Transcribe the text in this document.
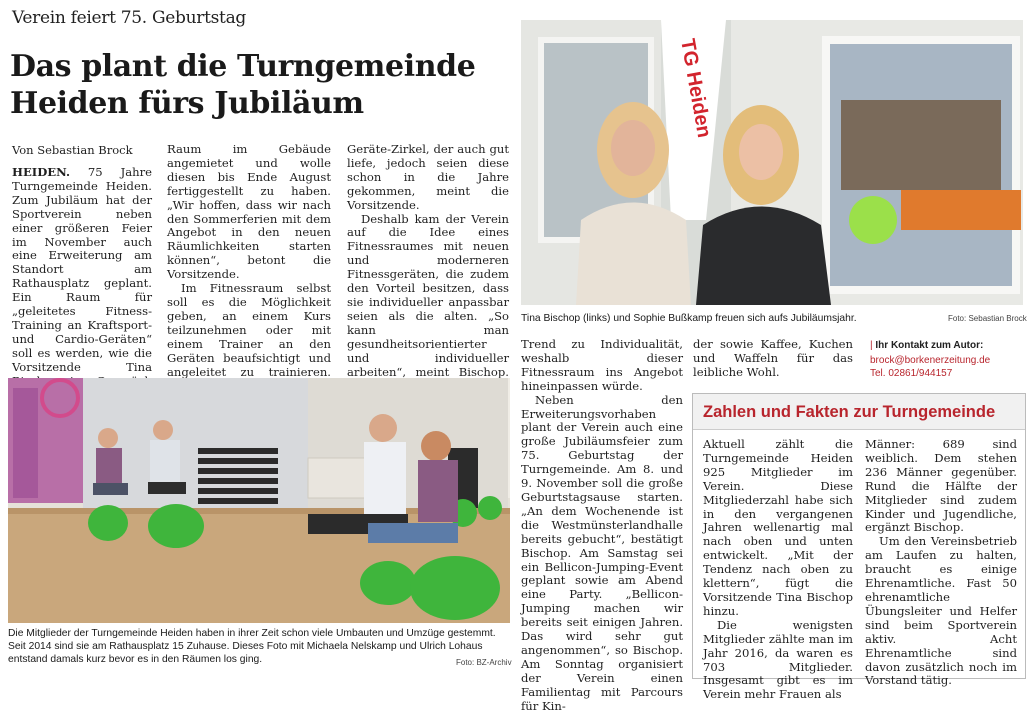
Verein feiert 75. Geburtstag
Das plant die Turngemeinde Heiden fürs Jubiläum
Von Sebastian Brock

HEIDEN. 75 Jahre Turngemeinde Heiden. Zum Jubiläum hat der Sportverein neben einer größeren Feier im November auch eine Erweiterung am Standort am Rathausplatz geplant. Ein Raum für „geleitetes Fitness-Training an Kraftsport- und Cardio-Geräten“ soll es werden, wie die Vorsitzende Tina

Raum im Gebäude angemietet und wolle diesen bis Ende August fertiggestellt zu haben. „Wir hoffen, dass wir nach den Sommerferien mit dem Angebot in den neuen Räumlichkeiten starten können“, betont die Vorsitzende.

Im Fitnessraum selbst soll es die Möglichkeit geben, an einem Kurs teilzunehmen oder mit einem Trainer an den Geräten beaufsichtigt und angeleitet zu trainieren.

Geräte-Zirkel, der auch gut liefe, jedoch seien diese schon in die Jahre gekommen, meint die Vorsitzende.

Deshalb kam der Verein auf die Idee eines Fitnessraumes mit neuen und moderneren Fitnessgeräten, die zudem den Vorteil besitzen, dass sie individueller anpassbar seien als die alten. „So kann man gesundheitsorientierter und individueller arbeiten“, meint Bischop.

Die Mitglieder der Turngemeinde Heiden haben in ihrer Zeit schon viele Umbauten und Umzüge gestemmt. Seit 2014 sind sie am Rathausplatz 15 Zuhause. Dieses Foto mit Michaela Nelskamp und Ulrich Lohaus entstand damals kurz bevor es in den Räumen los ging.	Foto: BZ-Archiv
TG Heiden
Tina Bischop (links) und Sophie Bußkamp freuen sich aufs Jubiläumsjahr.	Foto: Sebastian Brock

Trend zu Individualität, weshalb dieser Fitnessraum ins Angebot hineinpassen würde.

Neben den Erweiterungsvorhaben plant der Verein auch eine große Jubiläumsfeier zum 75. Geburtstag der Turngemeinde. Am 8. und 9. November soll die große Geburtstagsause starten. „An dem Wochenende ist die Westmünsterlandhalle bereits gebucht“, bestätigt Bischop. Am Samstag sei ein Bellicon-Jumping-Event geplant sowie am Abend eine Party. „Bellicon-Jumping machen wir bereits seit einigen Jahren. Das wird sehr gut angenommen“, so Bischop. Am Sonntag organisiert der Verein einen Familientag mit Parcours für Kin-

der sowie Kaffee, Kuchen und Waffeln für das leibliche Wohl.

| Ihr Kontakt zum Autor:
brock@borkenerzeitung.de
Tel. 02861/944157
Zahlen und Fakten zur Turngemeinde

Aktuell zählt die Turngemeinde Heiden 925 Mitglieder im Verein. Diese Mitgliederzahl habe sich in den vergangenen Jahren wellenartig mal nach oben und unten entwickelt. „Mit der Tendenz nach oben zu klettern“, fügt die Vorsitzende Tina Bischop hinzu.

Die wenigsten Mitglieder zählte man im Jahr 2016, da waren es 703 Mitglieder. Insgesamt gibt es im Verein mehr Frauen als

Männer: 689 sind weiblich. Dem stehen 236 Männer gegenüber. Rund die Hälfte der Mitglieder sind zudem Kinder und Jugendliche, ergänzt Bischop.

Um den Vereinsbetrieb am Laufen zu halten, braucht es einige Ehrenamtliche. Fast 50 ehrenamtliche Übungsleiter und Helfer sind beim Sportverein aktiv. Acht Ehrenamtliche sind davon zusätzlich noch im Vorstand tätig.
